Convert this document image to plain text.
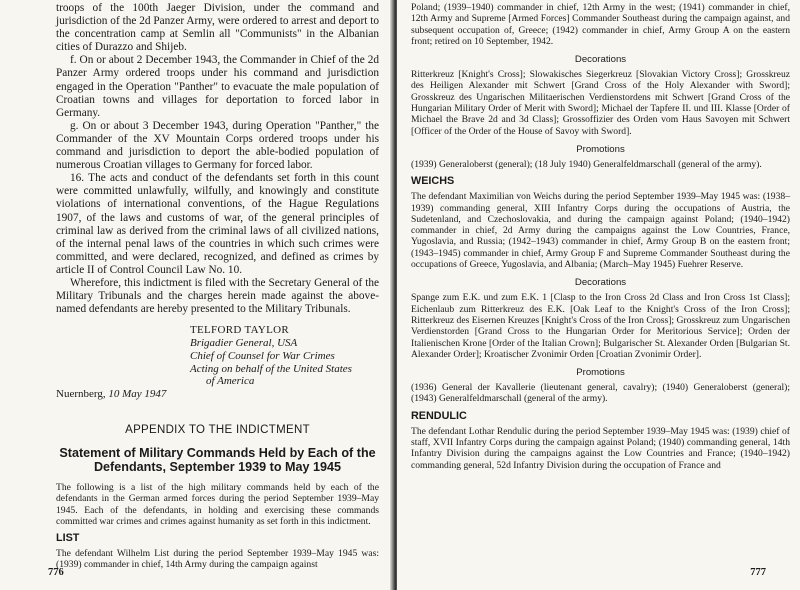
troops of the 100th Jaeger Division, under the command and jurisdiction of the 2d Panzer Army, were ordered to arrest and deport to the concentration camp at Semlin all "Communists" in the Albanian cities of Durazzo and Shijeb.

f. On or about 2 December 1943, the Commander in Chief of the 2d Panzer Army ordered troops under his command and jurisdiction engaged in the Operation "Panther" to evacuate the male population of Croatian towns and villages for deportation to forced labor in Germany.

g. On or about 3 December 1943, during Operation "Panther," the Commander of the XV Mountain Corps ordered troops under his command and jurisdiction to deport the able-bodied population of numerous Croatian villages to Germany for forced labor.

16. The acts and conduct of the defendants set forth in this count were committed unlawfully, wilfully, and knowingly and constitute violations of international conventions, of the Hague Regulations 1907, of the laws and customs of war, of the general principles of criminal law as derived from the criminal laws of all civilized nations, of the internal penal laws of the countries in which such crimes were committed, and were declared, recognized, and defined as crimes by article II of Control Council Law No. 10.

Wherefore, this indictment is filed with the Secretary General of the Military Tribunals and the charges herein made against the above-named defendants are hereby presented to the Military Tribunals.

TELFORD TAYLOR
Brigadier General, USA
Chief of Counsel for War Crimes
Acting on behalf of the United States
of America
Nuernberg, 10 May 1947
APPENDIX TO THE INDICTMENT
Statement of Military Commands Held by Each of the Defendants, September 1939 to May 1945

The following is a list of the high military commands held by each of the defendants in the German armed forces during the period September 1939–May 1945. Each of the defendants, in holding and exercising these commands committed war crimes and crimes against humanity as set forth in this indictment.

LIST

The defendant Wilhelm List during the period September 1939–May 1945 was: (1939) commander in chief, 14th Army during the campaign against

776

Poland; (1939–1940) commander in chief, 12th Army in the west; (1941) commander in chief, 12th Army and Supreme [Armed Forces] Commander Southeast during the campaign against, and subsequent occupation of, Greece; (1942) commander in chief, Army Group A on the eastern front; retired on 10 September, 1942.

Decorations

Ritterkreuz [Knight's Cross]; Slowakisches Siegerkreuz [Slovakian Victory Cross]; Grosskreuz des Heiligen Alexander mit Schwert [Grand Cross of the Holy Alexander with Sword]; Grosskreuz des Ungarischen Militaerischen Verdienstordens mit Schwert [Grand Cross of the Hungarian Military Order of Merit with Sword]; Michael der Tapfere II. und III. Klasse [Order of Michael the Brave 2d and 3d Class]; Grossoffizier des Orden vom Haus Savoyen mit Schwert [Officer of the Order of the House of Savoy with Sword].

Promotions

(1939) Generaloberst (general); (18 July 1940) Generalfeldmarschall (general of the army).

WEICHS

The defendant Maximilian von Weichs during the period September 1939–May 1945 was: (1938–1939) commanding general, XIII Infantry Corps during the occupations of Austria, the Sudetenland, and Czechoslovakia, and during the campaign against Poland; (1940–1942) commander in chief, 2d Army during the campaigns against the Low Countries, France, Yugoslavia, and Russia; (1942–1943) commander in chief, Army Group B on the eastern front; (1943–1945) commander in chief, Army Group F and Supreme Commander Southeast during the occupations of Greece, Yugoslavia, and Albania; (March–May 1945) Fuehrer Reserve.

Decorations

Spange zum E.K. und zum E.K. 1 [Clasp to the Iron Cross 2d Class and Iron Cross 1st Class]; Eichenlaub zum Ritterkreuz des E.K. [Oak Leaf to the Knight's Cross of the Iron Cross]; Ritterkreuz des Eisernen Kreuzes [Knight's Cross of the Iron Cross]; Grosskreuz zum Ungarischen Verdienstorden [Grand Cross to the Hungarian Order for Meritorious Service]; Orden der Italienischen Krone [Order of the Italian Crown]; Bulgarischer St. Alexander Orden [Bulgarian St. Alexander Order]; Kroatischer Zvonimir Orden [Croatian Zvonimir Order].

Promotions

(1936) General der Kavallerie (lieutenant general, cavalry); (1940) Generaloberst (general); (1943) Generalfeldmarschall (general of the army).

RENDULIC

The defendant Lothar Rendulic during the period September 1939–May 1945 was: (1939) chief of staff, XVII Infantry Corps during the campaign against Poland; (1940) commanding general, 14th Infantry Division during the campaigns against the Low Countries and France; (1940–1942) commanding general, 52d Infantry Division during the occupation of France and

777
